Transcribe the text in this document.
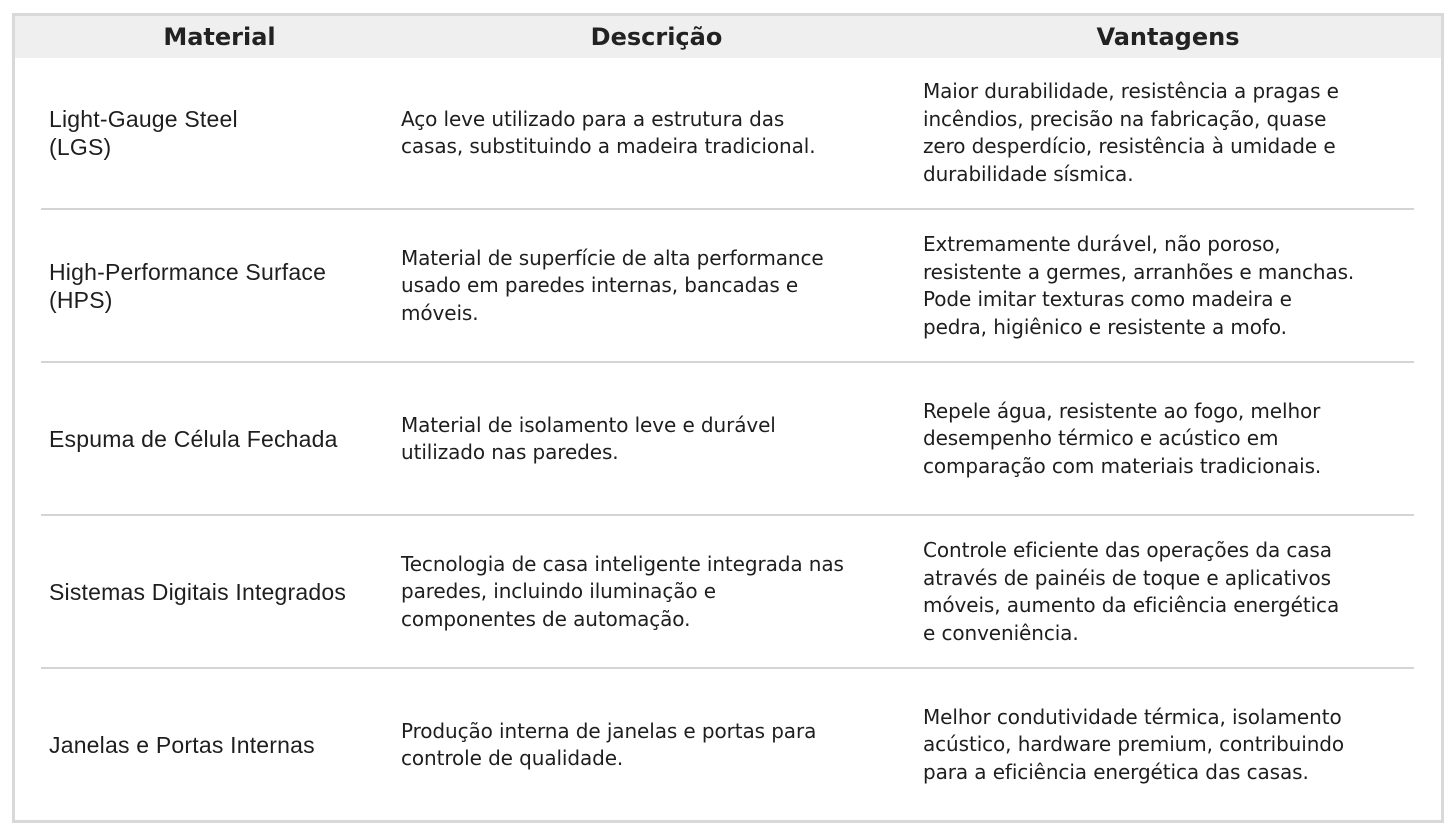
Material	Descrição	Vantagens
Light-Gauge Steel
(LGS)
Aço leve utilizado para a estrutura das
casas, substituindo a madeira tradicional.
Maior durabilidade, resistência a pragas e
incêndios, precisão na fabricação, quase
zero desperdício, resistência à umidade e
durabilidade sísmica.
High-Performance Surface
(HPS)
Material de superfície de alta performance
usado em paredes internas, bancadas e
móveis.
Extremamente durável, não poroso,
resistente a germes, arranhões e manchas.
Pode imitar texturas como madeira e
pedra, higiênico e resistente a mofo.
Espuma de Célula Fechada
Material de isolamento leve e durável
utilizado nas paredes.
Repele água, resistente ao fogo, melhor
desempenho térmico e acústico em
comparação com materiais tradicionais.
Sistemas Digitais Integrados
Tecnologia de casa inteligente integrada nas
paredes, incluindo iluminação e
componentes de automação.
Controle eficiente das operações da casa
através de painéis de toque e aplicativos
móveis, aumento da eficiência energética
e conveniência.
Janelas e Portas Internas
Produção interna de janelas e portas para
controle de qualidade.
Melhor condutividade térmica, isolamento
acústico, hardware premium, contribuindo
para a eficiência energética das casas.
